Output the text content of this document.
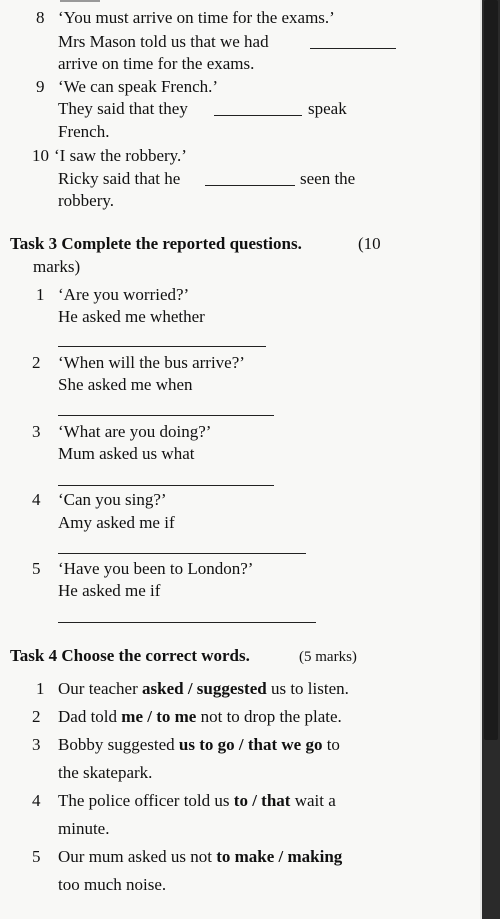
8 ‘You must arrive on time for the exams.’
Mrs Mason told us that we had
arrive on time for the exams.
9 ‘We can speak French.’
They said that they	speak
French.
10 ‘I saw the robbery.’
Ricky said that he	seen the
robbery.
Task 3 Complete the reported questions.	(10
marks)
1 ‘Are you worried?’
He asked me whether
2 ‘When will the bus arrive?’
She asked me when
3 ‘What are you doing?’
Mum asked us what
4 ‘Can you sing?’
Amy asked me if
5 ‘Have you been to London?’
He asked me if
Task 4 Choose the correct words.	(5 marks)
1 Our teacher asked / suggested us to listen.
2 Dad told me / to me not to drop the plate.
3 Bobby suggested us to go / that we go to
the skatepark.
4 The police officer told us to / that wait a
minute.
5 Our mum asked us not to make / making
too much noise.
